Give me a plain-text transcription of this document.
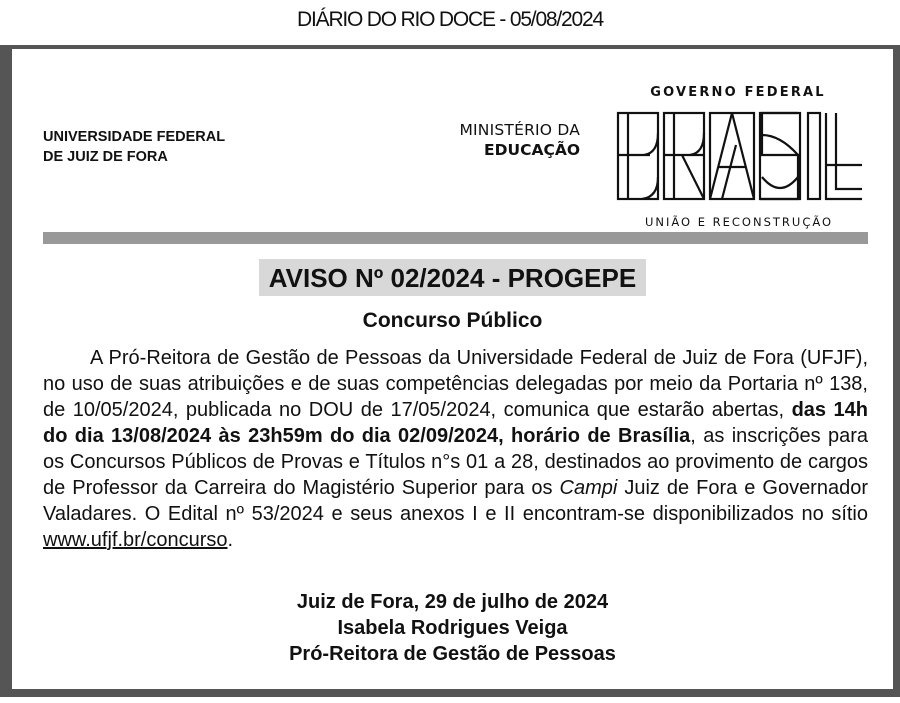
DIÁRIO DO RIO DOCE - 05/08/2024
UNIVERSIDADE FEDERAL
DE JUIZ DE FORA
MINISTÉRIO DA
EDUCAÇÃO
GOVERNO FEDERAL
UNIÃO E RECONSTRUÇÃO
AVISO Nº 02/2024 - PROGEPE
Concurso Público

A Pró-Reitora de Gestão de Pessoas da Universidade Federal de Juiz de Fora (UFJF), no uso de suas atribuições e de suas competências delegadas por meio da Portaria nº 138, de 10/05/2024, publicada no DOU de 17/05/2024, comunica que estarão abertas, das 14h do dia 13/08/2024 às 23h59m do dia 02/09/2024, horário de Brasília, as inscrições para os Concursos Públicos de Provas e Títulos n°s 01 a 28, destinados ao provimento de cargos de Professor da Carreira do Magistério Superior para os Campi Juiz de Fora e Governador Valadares. O Edital nº 53/2024 e seus anexos I e II encontram-se disponibilizados no sítio www.ufjf.br/concurso.

Juiz de Fora, 29 de julho de 2024
Isabela Rodrigues Veiga
Pró-Reitora de Gestão de Pessoas
